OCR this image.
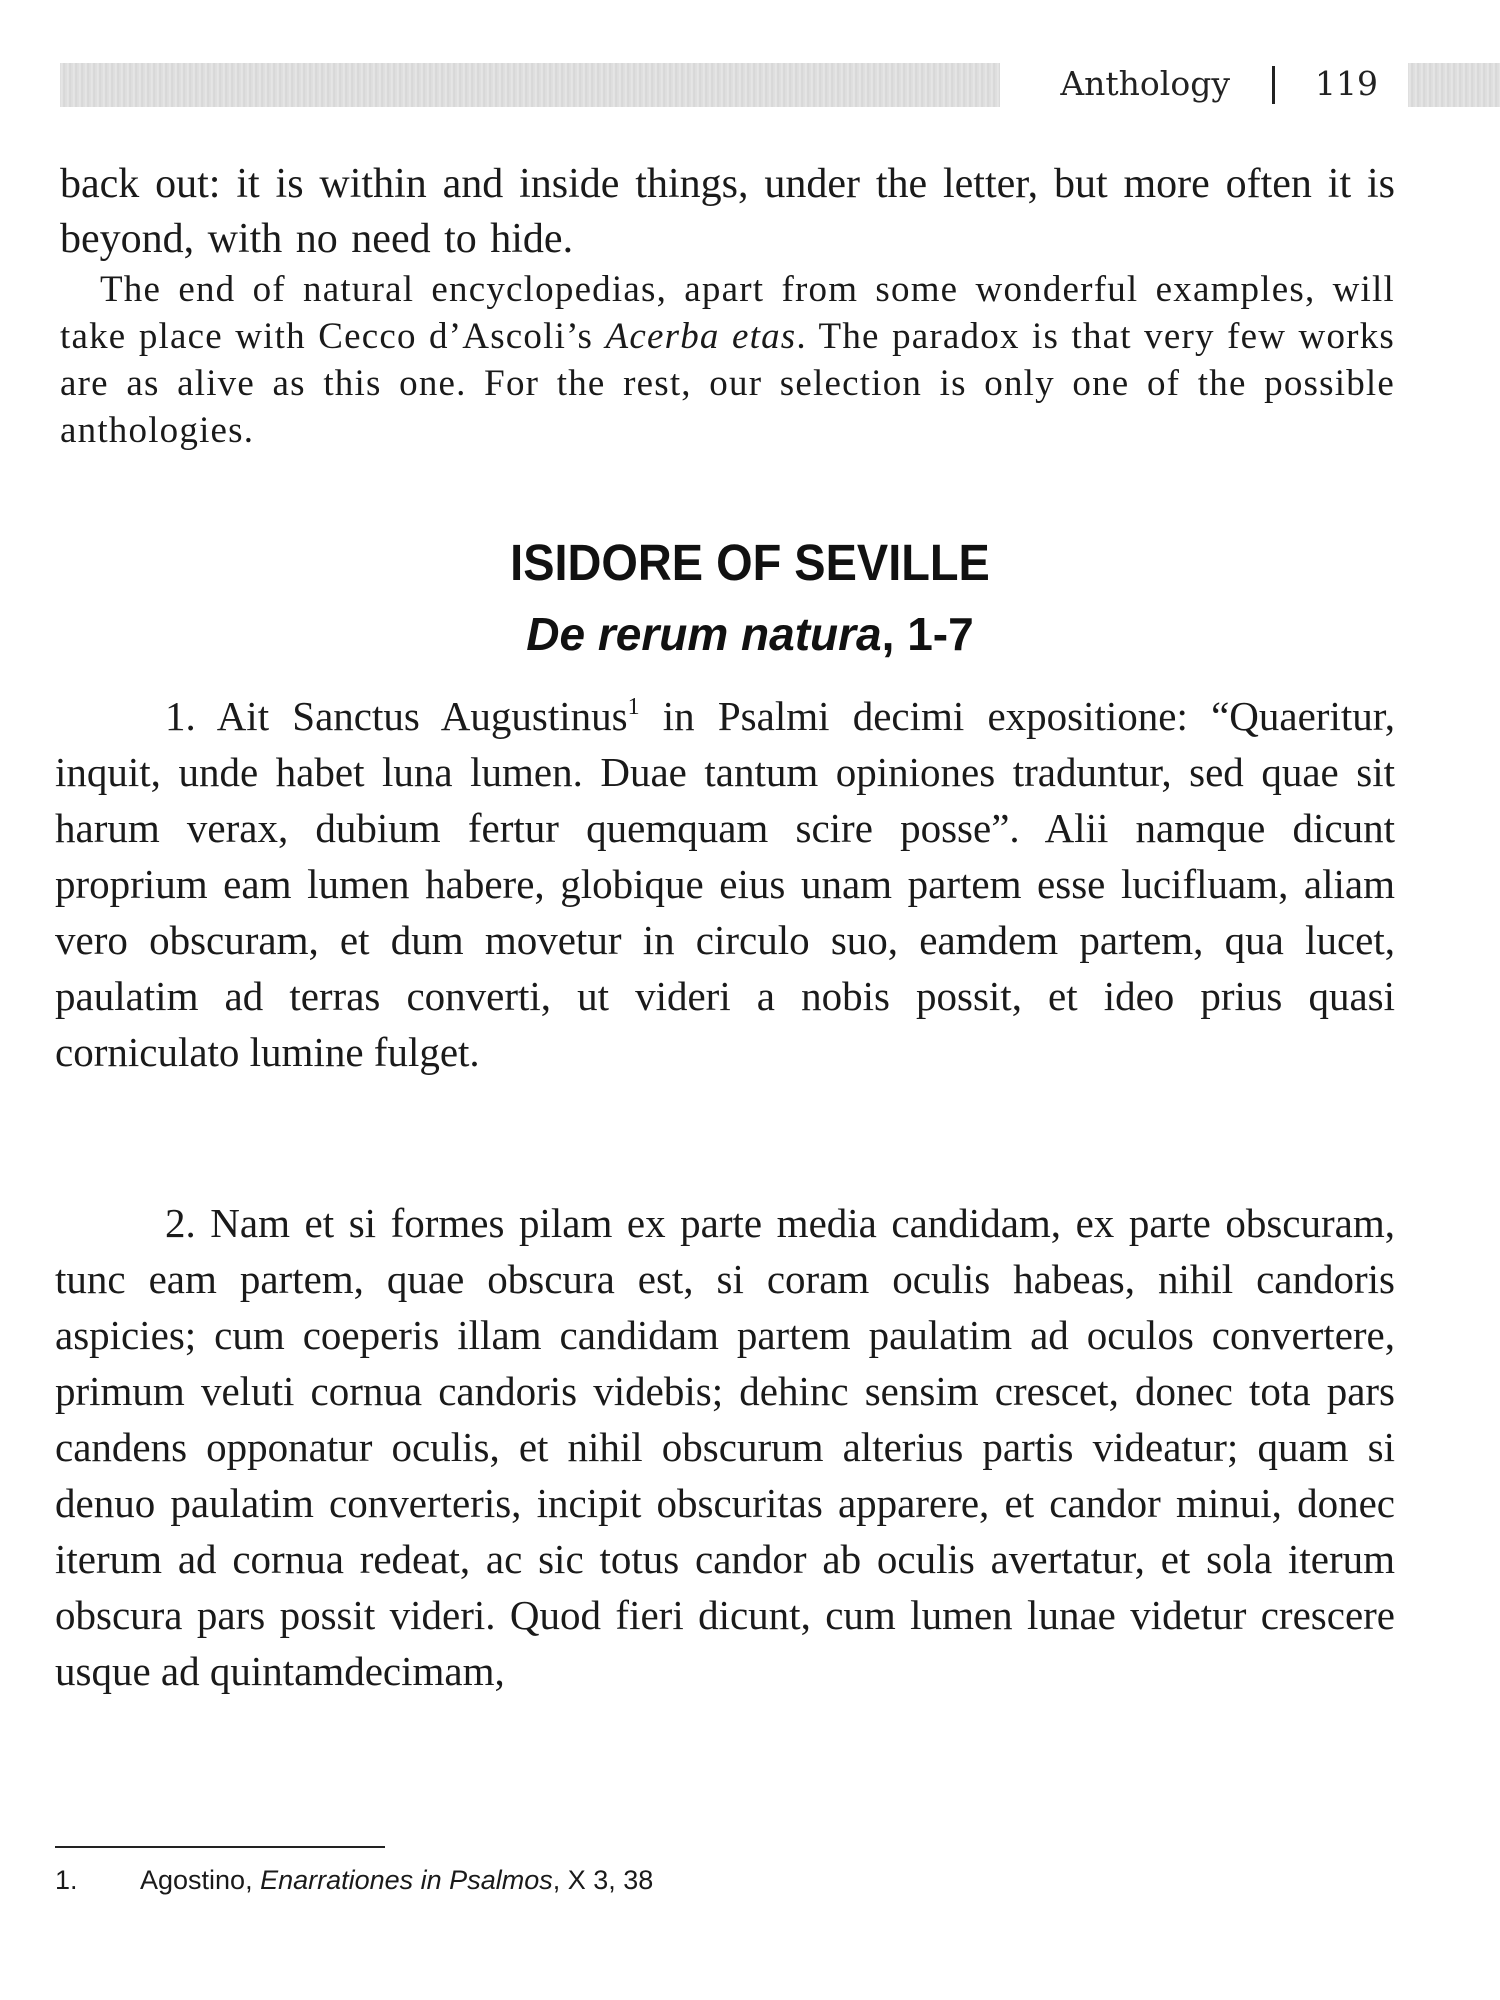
Anthology	119

back out: it is within and inside things, under the letter, but more often it is beyond, with no need to hide.

The end of natural encyclopedias, apart from some wonderful examples, will take place with Cecco d’Ascoli’s Acerba etas. The paradox is that very few works are as alive as this one. For the rest, our selection is only one of the possible anthologies.

ISIDORE OF SEVILLE
De rerum natura, 1-7

1. Ait Sanctus Augustinus$^1$ in Psalmi decimi expositione: “Quaeritur, inquit, unde habet luna lumen. Duae tantum opiniones traduntur, sed quae sit harum verax, dubium fertur quemquam scire posse”. Alii namque dicunt proprium eam lumen habere, globique eius unam partem esse lucifluam, aliam vero obscuram, et dum movetur in circulo suo, eamdem partem, qua lucet, paulatim ad terras converti, ut videri a nobis possit, et ideo prius quasi corniculato lumine fulget.

2. Nam et si formes pilam ex parte media candidam, ex parte obscuram, tunc eam partem, quae obscura est, si coram oculis habeas, nihil candoris aspicies; cum coeperis illam candidam partem paulatim ad oculos convertere, primum veluti cornua candoris videbis; dehinc sensim crescet, donec tota pars candens opponatur oculis, et nihil obscurum alterius partis videatur; quam si denuo paulatim converteris, incipit obscuritas apparere, et candor minui, donec iterum ad cornua redeat, ac sic totus candor ab oculis avertatur, et sola iterum obscura pars possit videri. Quod fieri dicunt, cum lumen lunae videtur crescere usque ad quintamdecimam,

1. Agostino, Enarrationes in Psalmos, X 3, 38
